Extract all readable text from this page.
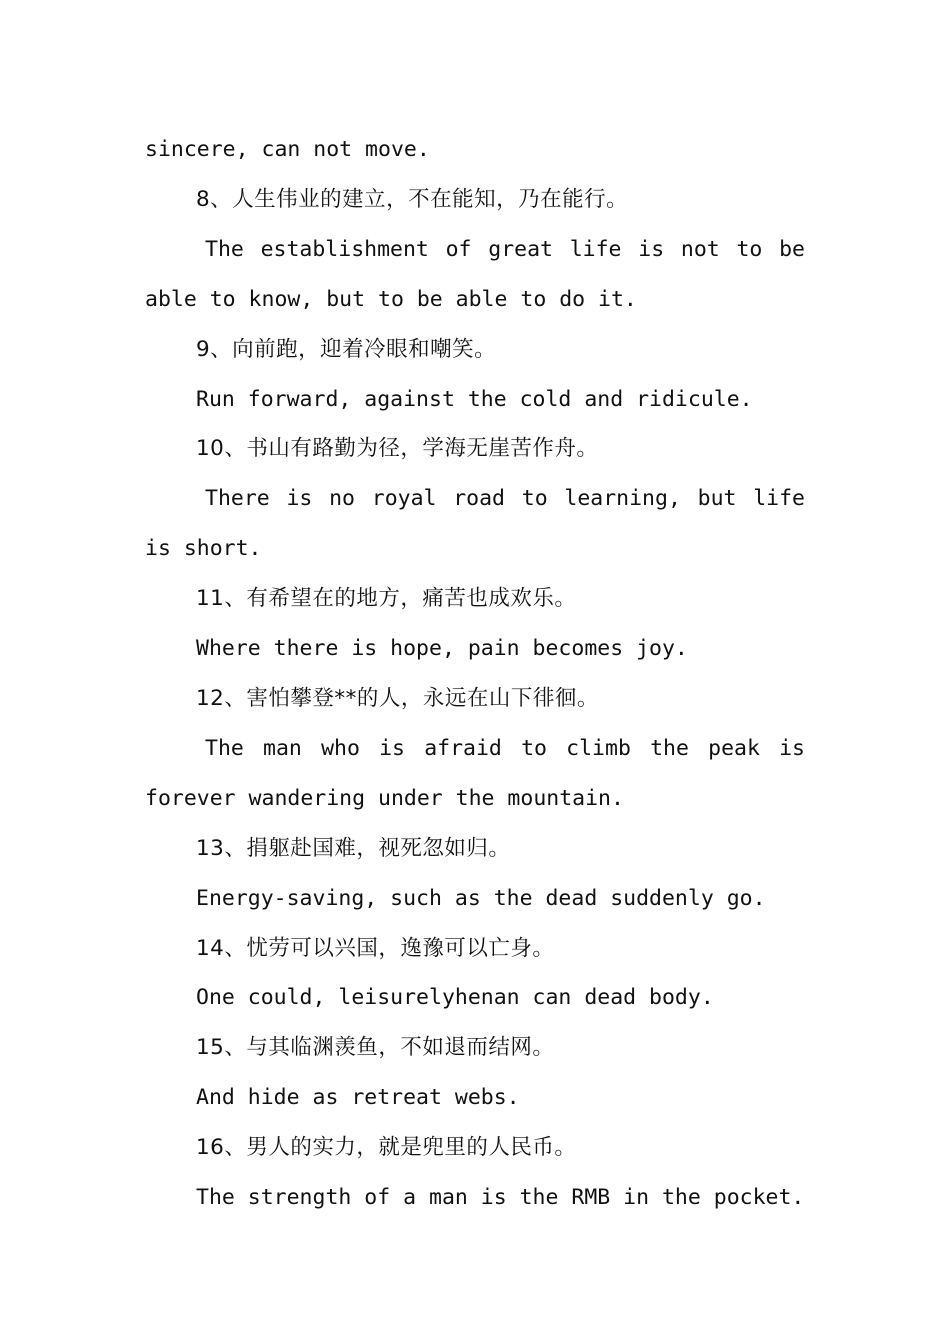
sincere, can not move.

8、人生伟业的建立，不在能知，乃在能行。

The establishment of great life is not to be able to know, but to be able to do it.

9、向前跑，迎着冷眼和嘲笑。

Run forward, against the cold and ridicule.

10、书山有路勤为径，学海无崖苦作舟。

There is no royal road to learning, but life is short.

11、有希望在的地方，痛苦也成欢乐。

Where there is hope, pain becomes joy.

12、害怕攀登**的人，永远在山下徘徊。

The man who is afraid to climb the peak is forever wandering under the mountain.

13、捐躯赴国难，视死忽如归。

Energy-saving, such as the dead suddenly go.

14、忧劳可以兴国，逸豫可以亡身。

One could, leisurelyhenan can dead body.

15、与其临渊羡鱼，不如退而结网。

And hide as retreat webs.

16、男人的实力，就是兜里的人民币。

The strength of a man is the RMB in the pocket.
